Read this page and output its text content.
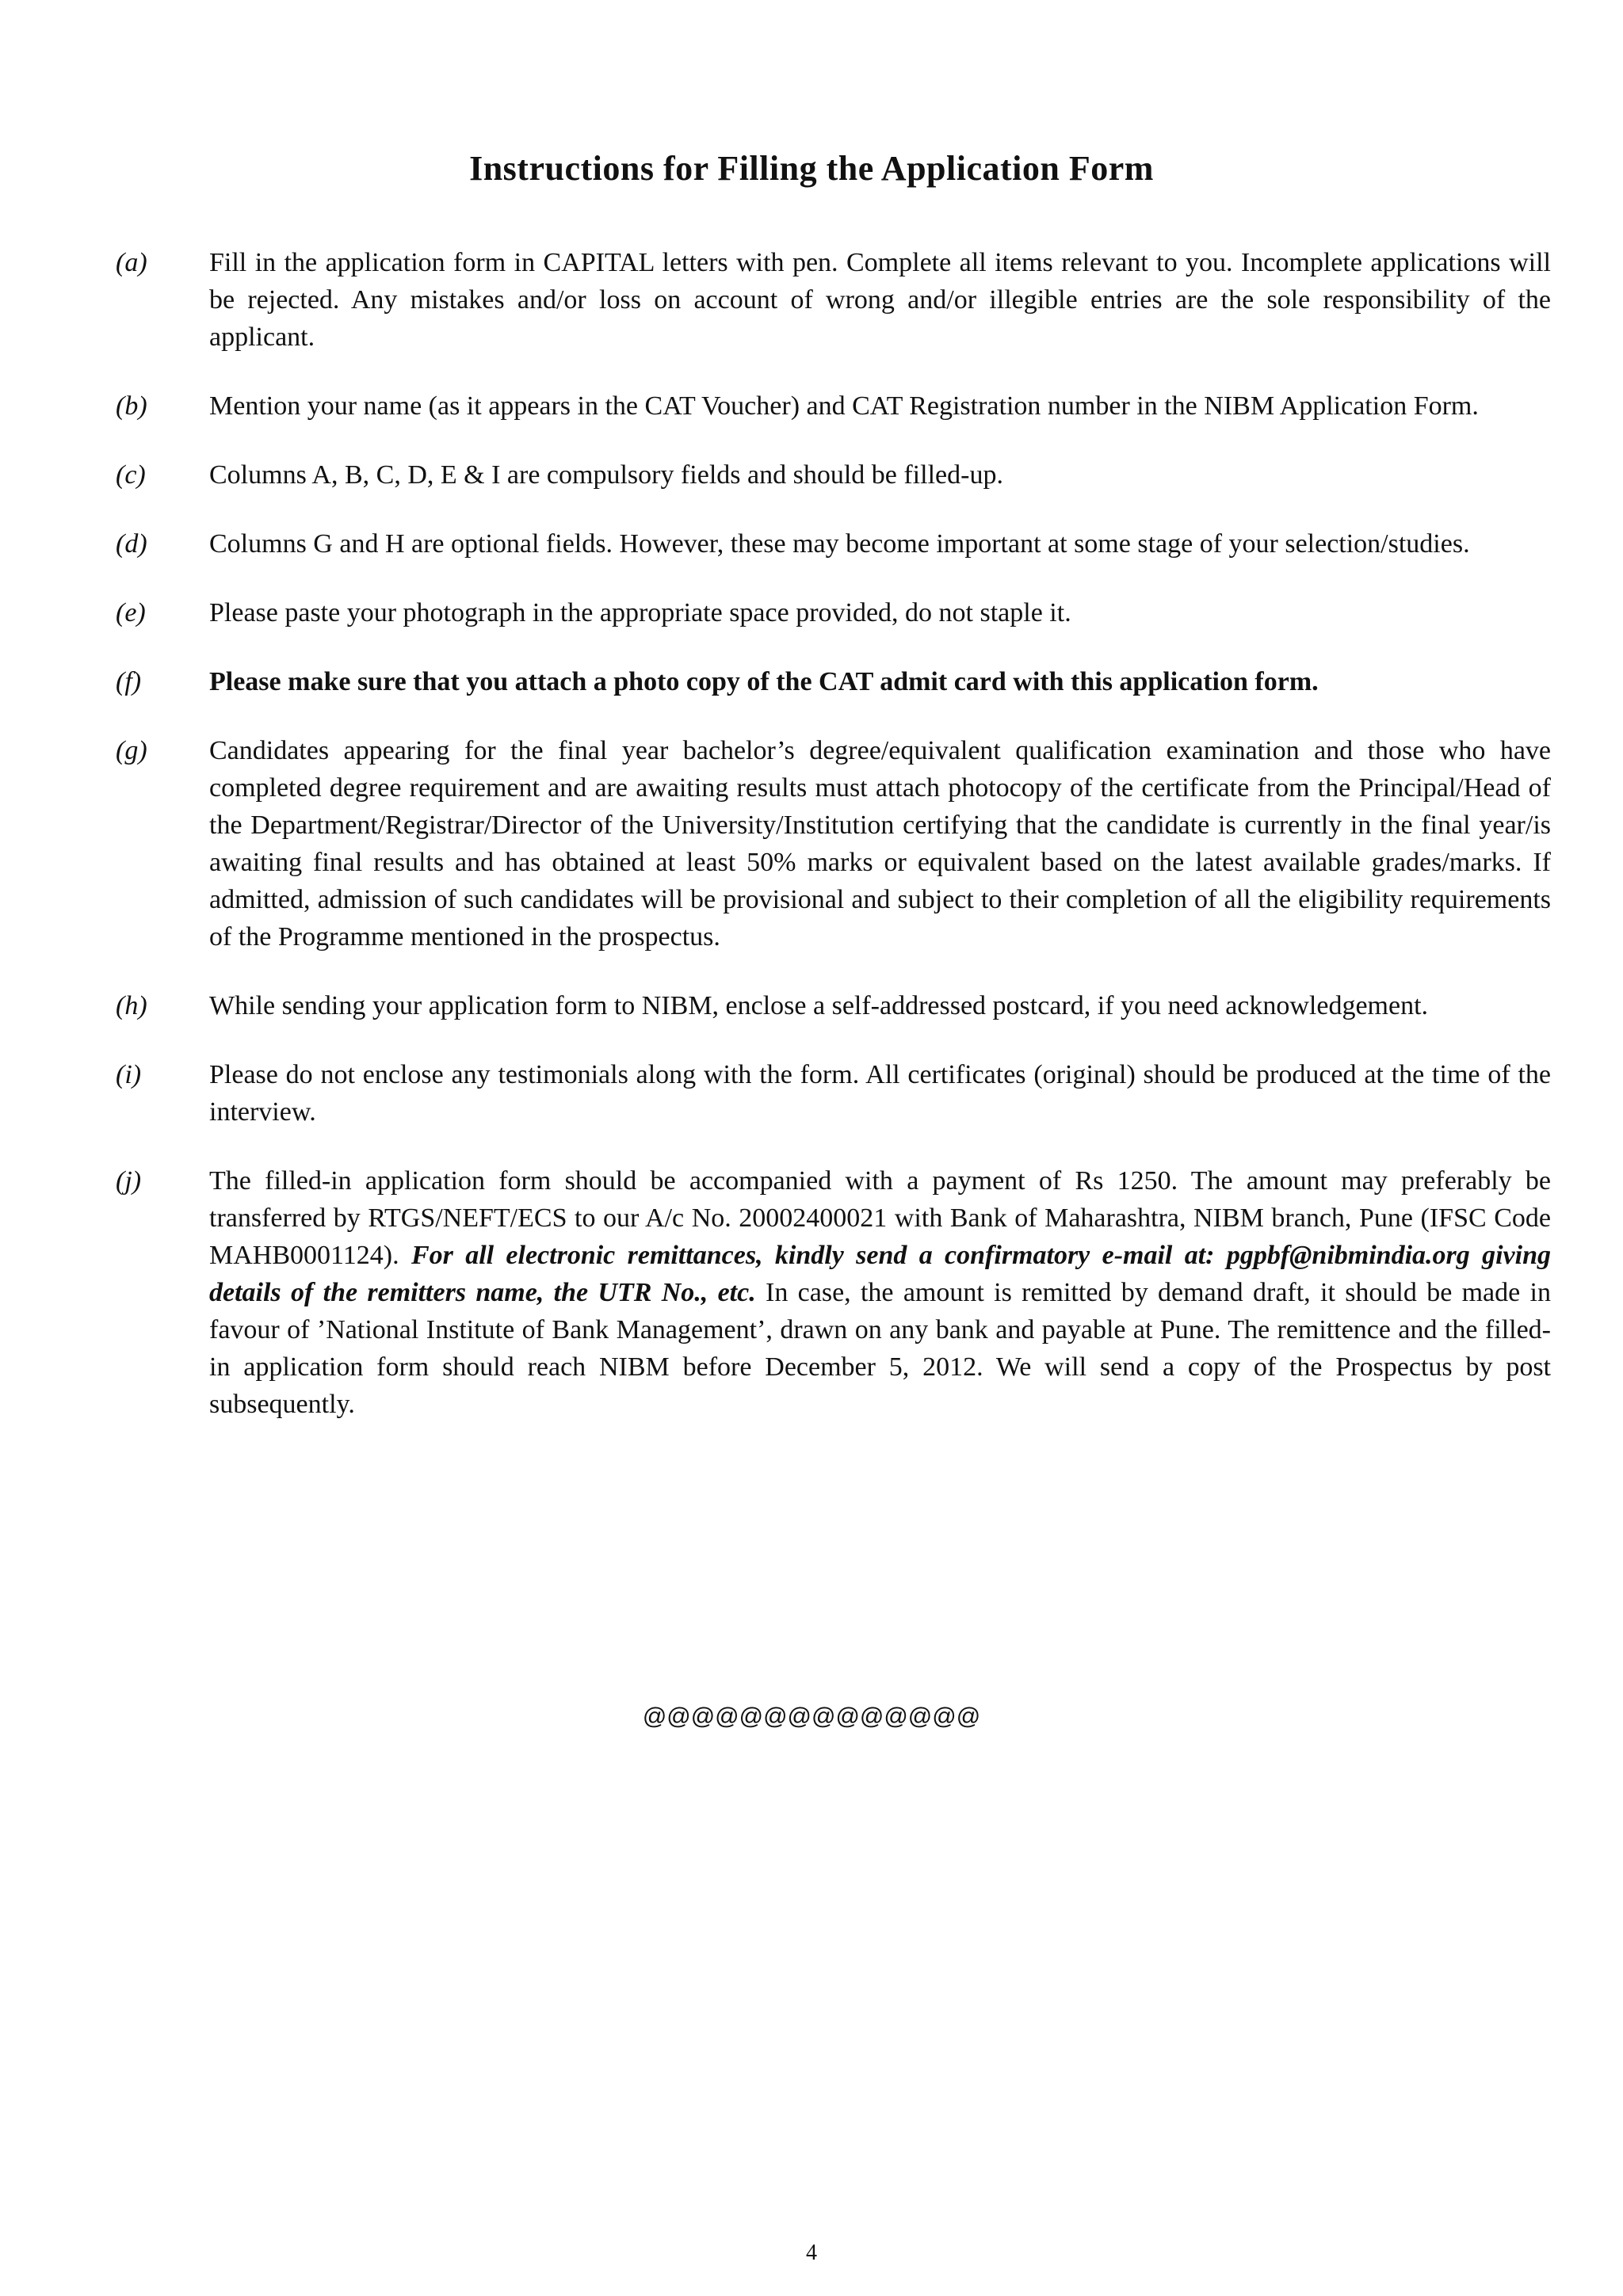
Instructions for Filling the Application Form
(a)	Fill in the application form in CAPITAL letters with pen. Complete all items relevant to you. Incomplete applications will be rejected. Any mistakes and/or loss on account of wrong and/or illegible entries are the sole responsibility of the applicant.
(b)	Mention your name (as it appears in the CAT Voucher) and CAT Registration number in the NIBM Application Form.
(c)	Columns A, B, C, D, E & I are compulsory fields and should be filled-up.
(d)	Columns G and H are optional fields. However, these may become important at some stage of your selection/studies.
(e)	Please paste your photograph in the appropriate space provided, do not staple it.
(f)	Please make sure that you attach a photo copy of the CAT admit card with this application form.
(g)	Candidates appearing for the final year bachelor’s degree/equivalent qualification examination and those who have completed degree requirement and are awaiting results must attach photocopy of the certificate from the Principal/Head of the Department/Registrar/Director of the University/Institution certifying that the candidate is currently in the final year/is awaiting final results and has obtained at least 50% marks or equivalent based on the latest available grades/marks. If admitted, admission of such candidates will be provisional and subject to their completion of all the eligibility requirements of the Programme mentioned in the prospectus.
(h)	While sending your application form to NIBM, enclose a self-addressed postcard, if you need acknowledgement.
(i)	Please do not enclose any testimonials along with the form. All certificates (original) should be produced at the time of the interview.
(j)	The filled-in application form should be accompanied with a payment of Rs 1250. The amount may preferably be transferred by RTGS/NEFT/ECS to our A/c No. 20002400021 with Bank of Maharashtra, NIBM branch, Pune (IFSC Code MAHB0001124). For all electronic remittances, kindly send a confirmatory e-mail at: pgpbf@nibmindia.org giving details of the remitters name, the UTR No., etc. In case, the amount is remitted by demand draft, it should be made in favour of ’National Institute of Bank Management’, drawn on any bank and payable at Pune. The remittence and the filled-in application form should reach NIBM before December 5, 2012. We will send a copy of the Prospectus by post subsequently.
@@@@@@@@@@@@@@
4
